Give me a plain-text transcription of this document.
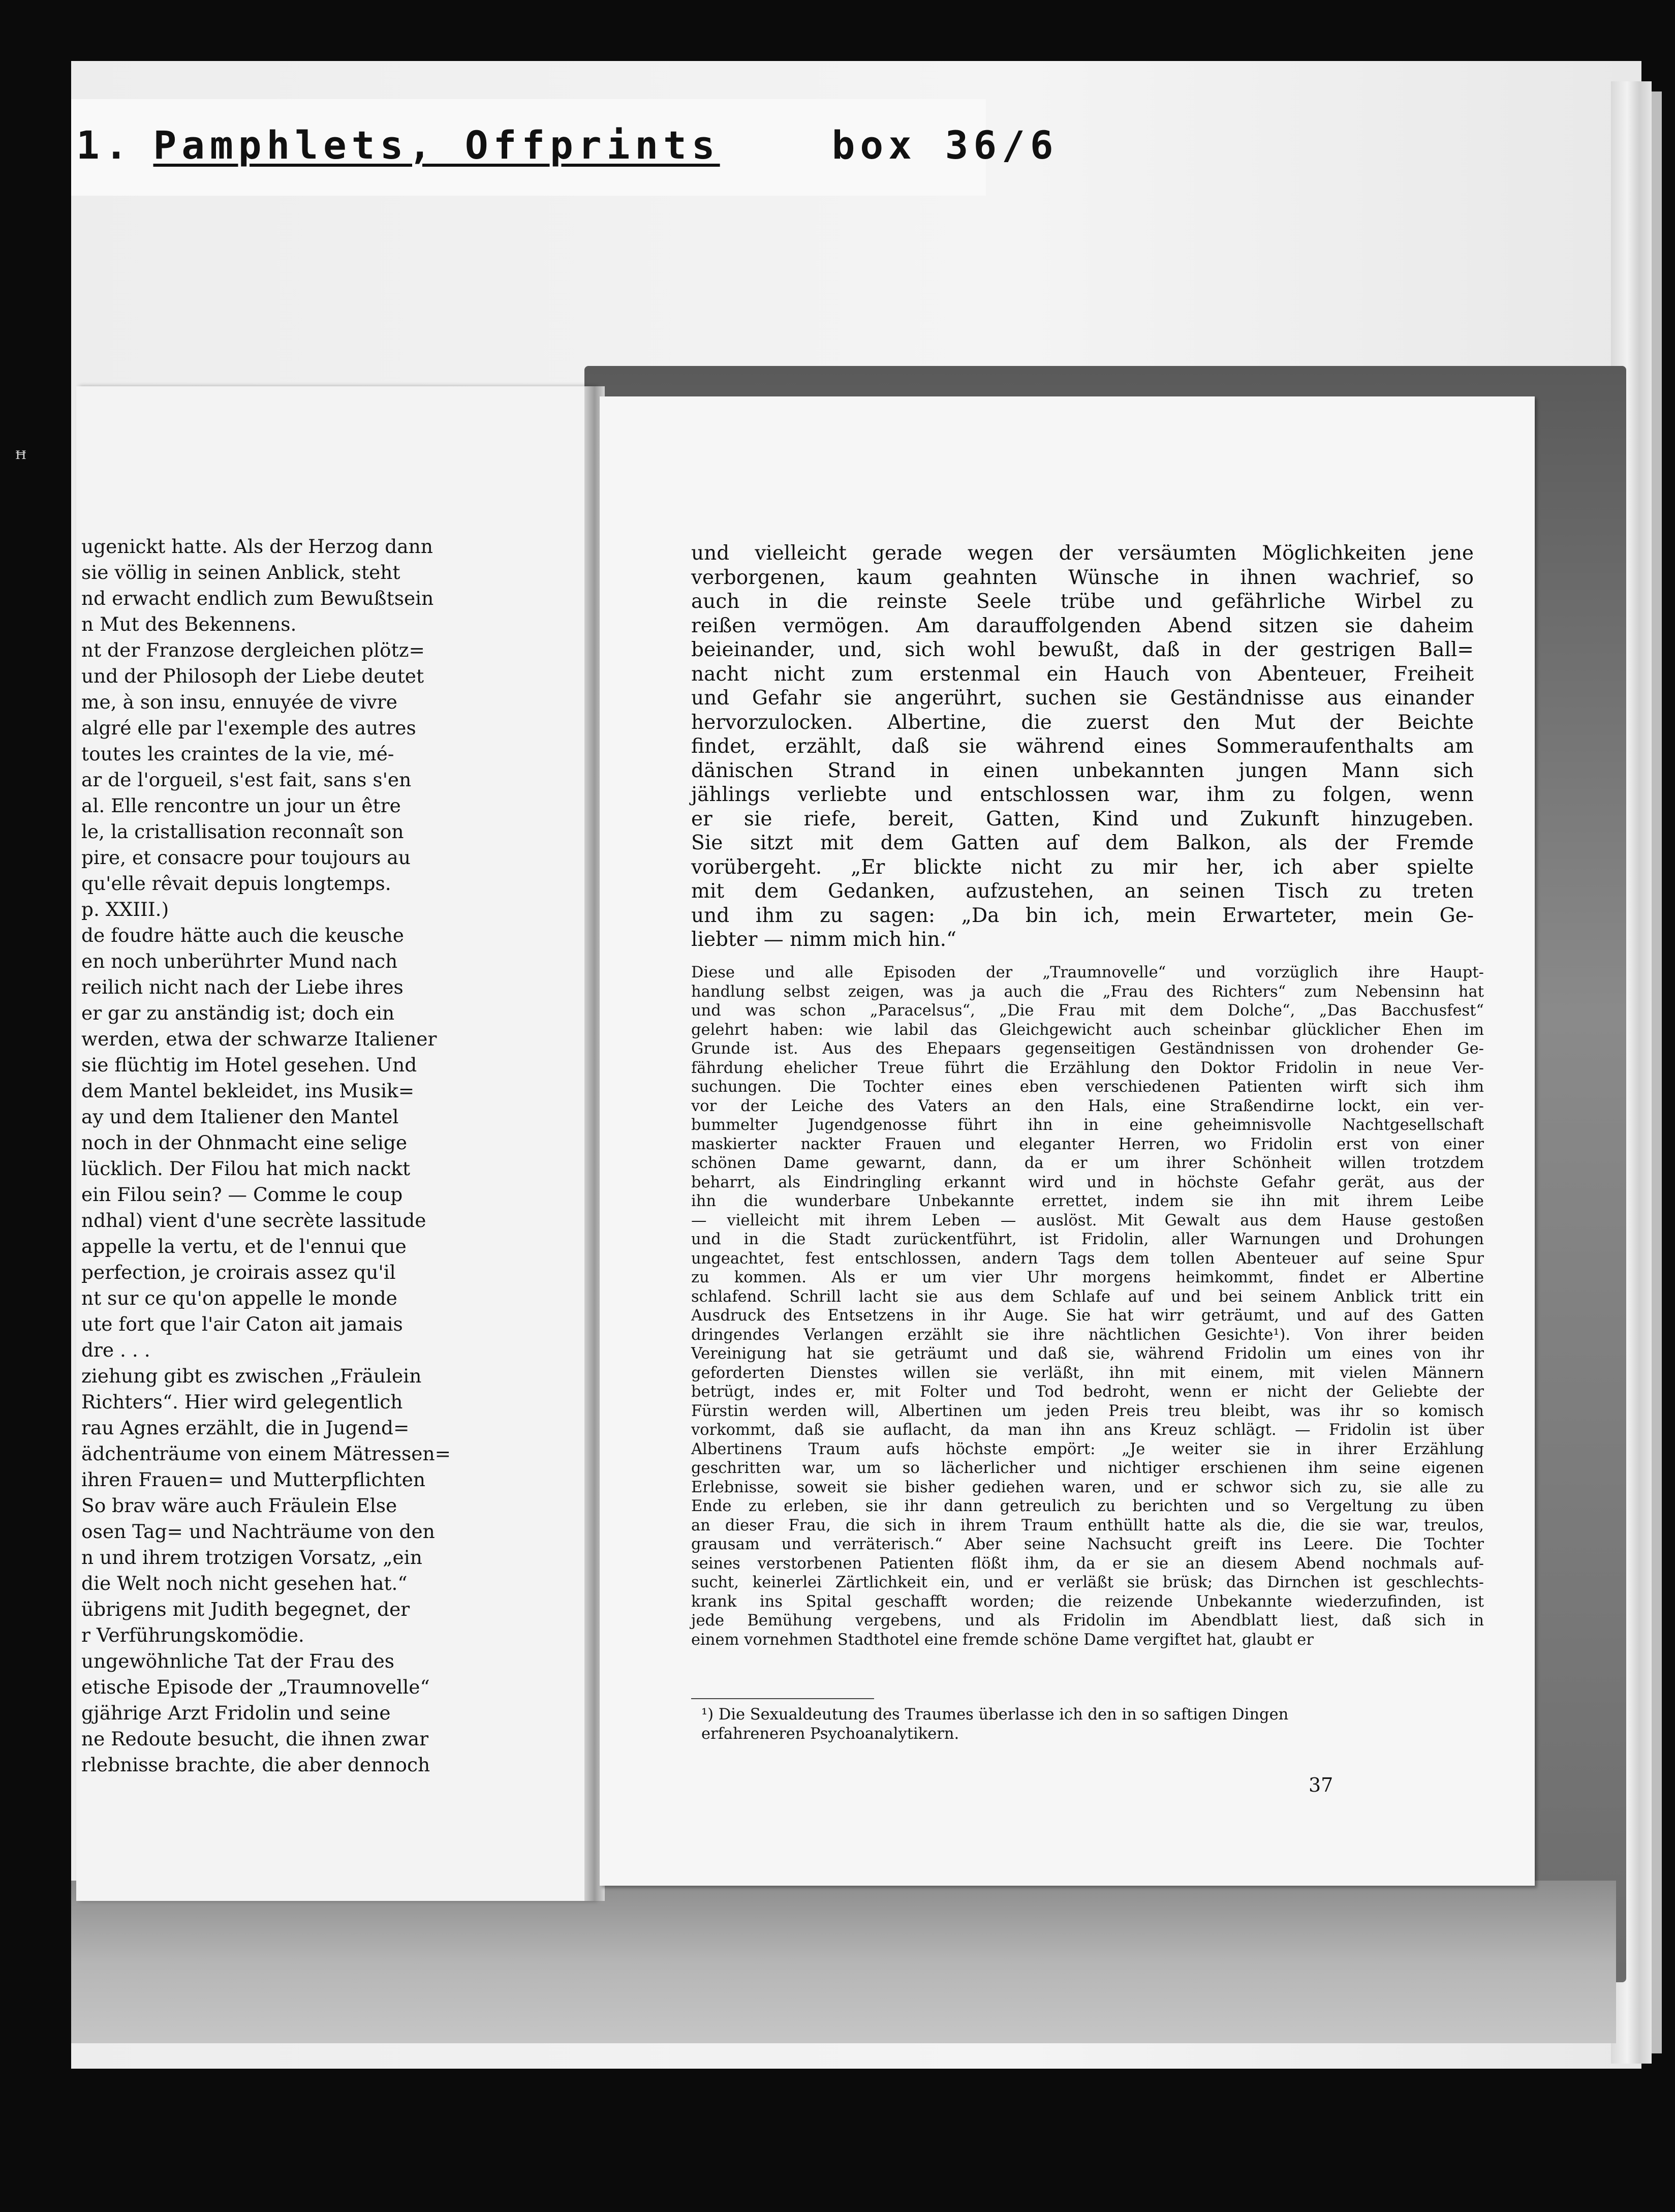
1. Pamphlets, Offprints	box 36/6
ꟸ
ugenickt hatte. Als der Herzog dann
sie völlig in seinen Anblick, steht
nd erwacht endlich zum Bewußtsein
n Mut des Bekennens.
nt der Franzose dergleichen plötz=
und der Philosoph der Liebe deutet
me, à son insu, ennuyée de vivre
algré elle par l'exemple des autres
toutes les craintes de la vie, mé-
ar de l'orgueil, s'est fait, sans s'en
al. Elle rencontre un jour un être
le, la cristallisation reconnaît son
pire, et consacre pour toujours au
qu'elle rêvait depuis longtemps.
p. XXIII.)
de foudre hätte auch die keusche
en noch unberührter Mund nach
reilich nicht nach der Liebe ihres
er gar zu anständig ist; doch ein
werden, etwa der schwarze Italiener
sie flüchtig im Hotel gesehen. Und
dem Mantel bekleidet, ins Musik=
ay und dem Italiener den Mantel
noch in der Ohnmacht eine selige
lücklich. Der Filou hat mich nackt
ein Filou sein? — Comme le coup
ndhal) vient d'une secrète lassitude
appelle la vertu, et de l'ennui que
perfection, je croirais assez qu'il
nt sur ce qu'on appelle le monde
ute fort que l'air Caton ait jamais
dre . . .
ziehung gibt es zwischen „Fräulein
Richters“. Hier wird gelegentlich
rau Agnes erzählt, die in Jugend=
ädchenträume von einem Mätressen=
ihren Frauen= und Mutterpflichten
So brav wäre auch Fräulein Else
osen Tag= und Nachträume von den
n und ihrem trotzigen Vorsatz, „ein
die Welt noch nicht gesehen hat.“
übrigens mit Judith begegnet, der
r Verführungskomödie.
ungewöhnliche Tat der Frau des
etische Episode der „Traumnovelle“
gjährige Arzt Fridolin und seine
ne Redoute besucht, die ihnen zwar
rlebnisse brachte, die aber dennoch
und vielleicht gerade wegen der versäumten Möglichkeiten jene
verborgenen, kaum geahnten Wünsche in ihnen wachrief, so
auch in die reinste Seele trübe und gefährliche Wirbel zu
reißen vermögen. Am darauffolgenden Abend sitzen sie daheim
beieinander, und, sich wohl bewußt, daß in der gestrigen Ball=
nacht nicht zum erstenmal ein Hauch von Abenteuer, Freiheit
und Gefahr sie angerührt, suchen sie Geständnisse aus einander
hervorzulocken. Albertine, die zuerst den Mut der Beichte
findet, erzählt, daß sie während eines Sommeraufenthalts am
dänischen Strand in einen unbekannten jungen Mann sich
jählings verliebte und entschlossen war, ihm zu folgen, wenn
er sie riefe, bereit, Gatten, Kind und Zukunft hinzugeben.
Sie sitzt mit dem Gatten auf dem Balkon, als der Fremde
vorübergeht. „Er blickte nicht zu mir her, ich aber spielte
mit dem Gedanken, aufzustehen, an seinen Tisch zu treten
und ihm zu sagen: „Da bin ich, mein Erwarteter, mein Ge-
liebter — nimm mich hin.“
Diese und alle Episoden der „Traumnovelle“ und vorzüglich ihre Haupt-
handlung selbst zeigen, was ja auch die „Frau des Richters“ zum Nebensinn hat
und was schon „Paracelsus“, „Die Frau mit dem Dolche“, „Das Bacchusfest“
gelehrt haben: wie labil das Gleichgewicht auch scheinbar glücklicher Ehen im
Grunde ist. Aus des Ehepaars gegenseitigen Geständnissen von drohender Ge-
fährdung ehelicher Treue führt die Erzählung den Doktor Fridolin in neue Ver-
suchungen. Die Tochter eines eben verschiedenen Patienten wirft sich ihm
vor der Leiche des Vaters an den Hals, eine Straßendirne lockt, ein ver-
bummelter Jugendgenosse führt ihn in eine geheimnisvolle Nachtgesellschaft
maskierter nackter Frauen und eleganter Herren, wo Fridolin erst von einer
schönen Dame gewarnt, dann, da er um ihrer Schönheit willen trotzdem
beharrt, als Eindringling erkannt wird und in höchste Gefahr gerät, aus der
ihn die wunderbare Unbekannte errettet, indem sie ihn mit ihrem Leibe
— vielleicht mit ihrem Leben — auslöst. Mit Gewalt aus dem Hause gestoßen
und in die Stadt zurückentführt, ist Fridolin, aller Warnungen und Drohungen
ungeachtet, fest entschlossen, andern Tags dem tollen Abenteuer auf seine Spur
zu kommen. Als er um vier Uhr morgens heimkommt, findet er Albertine
schlafend. Schrill lacht sie aus dem Schlafe auf und bei seinem Anblick tritt ein
Ausdruck des Entsetzens in ihr Auge. Sie hat wirr geträumt, und auf des Gatten
dringendes Verlangen erzählt sie ihre nächtlichen Gesichte¹). Von ihrer beiden
Vereinigung hat sie geträumt und daß sie, während Fridolin um eines von ihr
geforderten Dienstes willen sie verläßt, ihn mit einem, mit vielen Männern
betrügt, indes er, mit Folter und Tod bedroht, wenn er nicht der Geliebte der
Fürstin werden will, Albertinen um jeden Preis treu bleibt, was ihr so komisch
vorkommt, daß sie auflacht, da man ihn ans Kreuz schlägt. — Fridolin ist über
Albertinens Traum aufs höchste empört: „Je weiter sie in ihrer Erzählung
geschritten war, um so lächerlicher und nichtiger erschienen ihm seine eigenen
Erlebnisse, soweit sie bisher gediehen waren, und er schwor sich zu, sie alle zu
Ende zu erleben, sie ihr dann getreulich zu berichten und so Vergeltung zu üben
an dieser Frau, die sich in ihrem Traum enthüllt hatte als die, die sie war, treulos,
grausam und verräterisch.“ Aber seine Nachsucht greift ins Leere. Die Tochter
seines verstorbenen Patienten flößt ihm, da er sie an diesem Abend nochmals auf-
sucht, keinerlei Zärtlichkeit ein, und er verläßt sie brüsk; das Dirnchen ist geschlechts-
krank ins Spital geschafft worden; die reizende Unbekannte wiederzufinden, ist
jede Bemühung vergebens, und als Fridolin im Abendblatt liest, daß sich in
einem vornehmen Stadthotel eine fremde schöne Dame vergiftet hat, glaubt er
¹) Die Sexualdeutung des Traumes überlasse ich den in so saftigen Dingen
erfahreneren Psychoanalytikern.
37
